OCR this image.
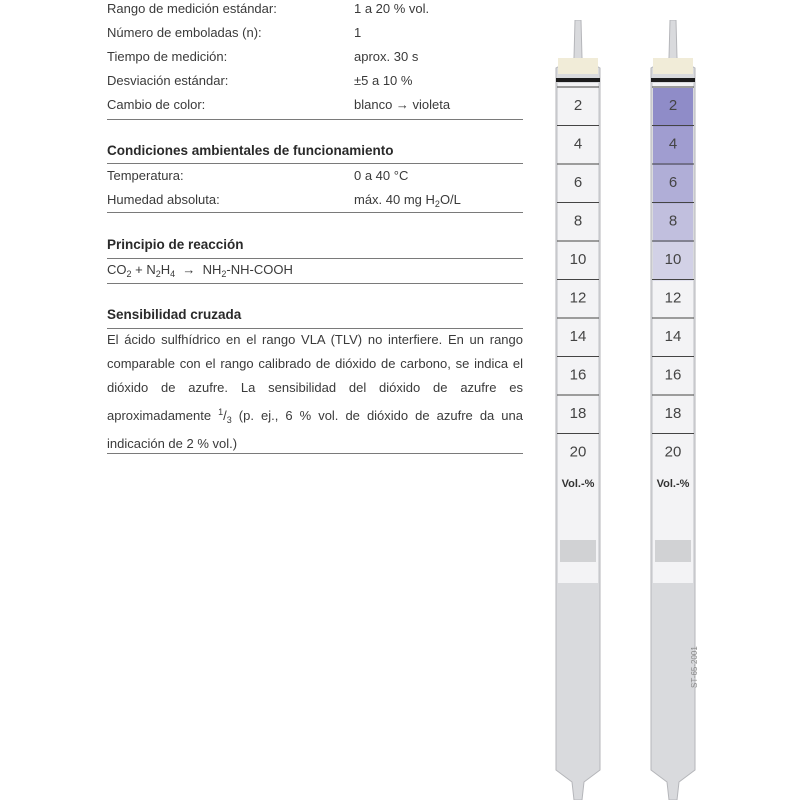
Rango de medición estándar:	1 a 20 % vol.
Número de emboladas (n):	1
Tiempo de medición:	aprox. 30 s
Desviación estándar:	±5 a 10 %
Cambio de color:	blanco → violeta
Condiciones ambientales de funcionamiento
Temperatura:	0 a 40 °C
Humedad absoluta:	máx. 40 mg $H_2O/L$
Principio de reacción
$CO_2 + N_2H_4$ → $NH_2-NH$-COOH
Sensibilidad cruzada
El ácido sulfhídrico en el rango VLA (TLV) no interfiere. En un rango comparable con el rango calibrado de dióxido de carbono, se indica el dióxido de azufre. La sensibilidad del dióxido de azufre es aproximadamente $^1/_3$ (p. ej., 6 % vol. de dióxido de azufre da una indicación de 2 % vol.)
2
4
6
8
10
12
14
16
18
20
Vol.-%
2
4
6
8
10
12
14
16
18
20
Vol.-%
ST-65-2001
